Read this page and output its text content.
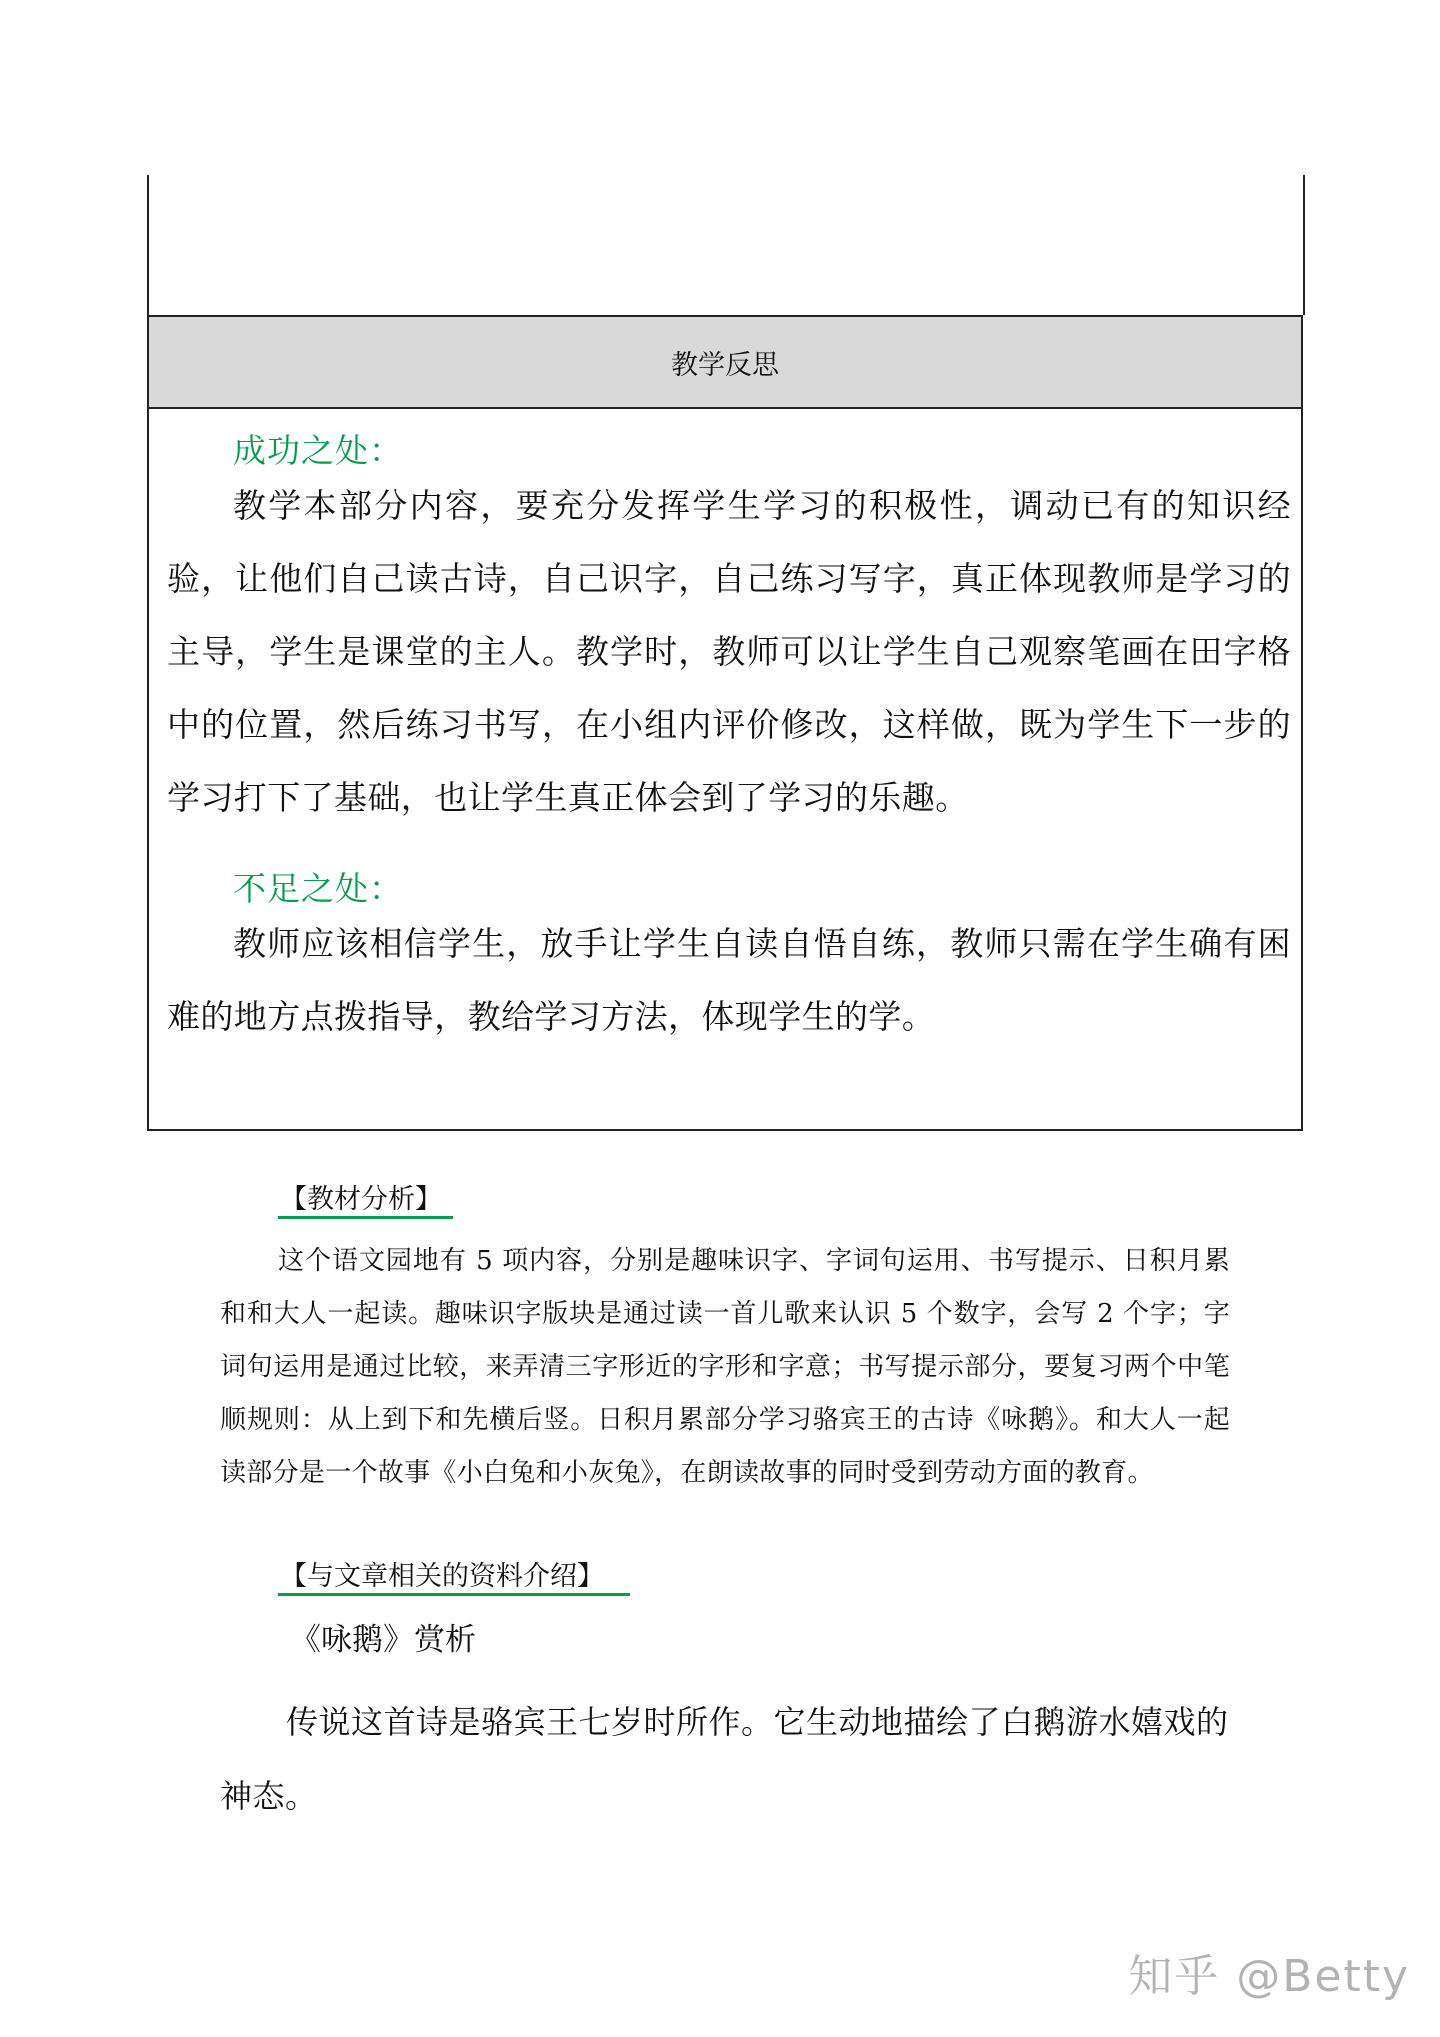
教学反思
成功之处：
教学本部分内容，要充分发挥学生学习的积极性，调动已有的知识经验，让他们自己读古诗，自己识字，自己练习写字，真正体现教师是学习的主导，学生是课堂的主人。教学时，教师可以让学生自己观察笔画在田字格中的位置，然后练习书写，在小组内评价修改，这样做，既为学生下一步的学习打下了基础，也让学生真正体会到了学习的乐趣。
不足之处：
教师应该相信学生，放手让学生自读自悟自练，教师只需在学生确有困难的地方点拨指导，教给学习方法，体现学生的学。
【教材分析】
这个语文园地有 5 项内容，分别是趣味识字、字词句运用、书写提示、日积月累和和大人一起读。趣味识字版块是通过读一首儿歌来认识 5 个数字，会写 2 个字；字词句运用是通过比较，来弄清三字形近的字形和字意；书写提示部分，要复习两个中笔顺规则：从上到下和先横后竖。日积月累部分学习骆宾王的古诗《咏鹅》。和大人一起读部分是一个故事《小白兔和小灰兔》，在朗读故事的同时受到劳动方面的教育。
【与文章相关的资料介绍】
《咏鹅》赏析
传说这首诗是骆宾王七岁时所作。它生动地描绘了白鹅游水嬉戏的神态。
知乎 @Betty
